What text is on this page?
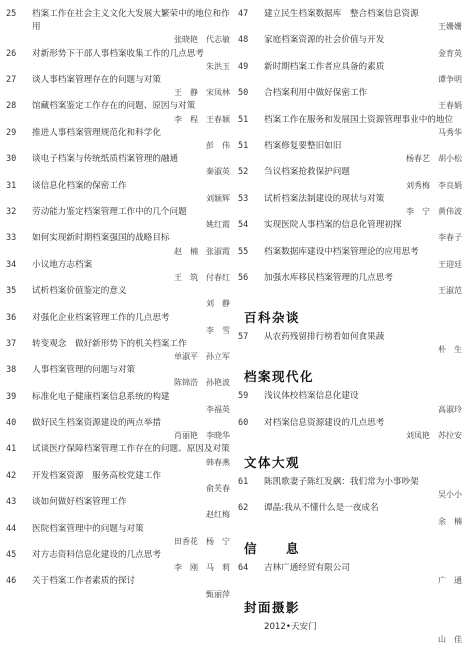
25	档案工作在社会主义文化大发展大繁荣中的地位和作用
张晓艳　代志敏
26	对新形势下干部人事档案收集工作的几点思考
朱洪玉
27	谈人事档案管理存在的问题与对策
王　静　宋凤林
28	馆藏档案鉴定工作存在的问题、原因与对策
李　程　王春颖
29	推进人事档案管理规范化和科学化
彭　伟
30	谈电子档案与传统纸质档案管理的融通
秦淑英
31	谈信息化档案的保密工作
刘颖辉
32	劳动能力鉴定档案管理工作中的几个问题
姚红霞
33	如何实现新时期档案强国的战略目标
赵　楠　张淑霞
34	小议地方志档案
王　筑　付春红
35	试析档案价值鉴定的意义
刘　静
36	对强化企业档案管理工作的几点思考
李　雪
37	转变观念　做好新形势下的机关档案工作
单淑平　孙立军
38	人事档案管理的问题与对策
陈锦浩　孙艳波
39	标准化电子健康档案信息系统的构建
李福英
40	做好民生档案资源建设的两点举措
肖丽艳　李晓华
41	试谈医疗保障档案管理工作存在的问题、原因及对策
韩春燕
42	开发档案资源　服务高校党建工作
俞芙春
43	谈如何做好档案管理工作
赵红梅
44	医院档案管理中的问题与对策
田香花　杨　宁
45	对方志资料信息化建设的几点思考
李　刚　马　莉
46	关于档案工作者素质的探讨
甄丽萍
47	建立民生档案数据库　整合档案信息资源
王姗姗
48	家庭档案资源的社会价值与开发
金育英
49	新时期档案工作者应具备的素质
谭争明
50	合档案利用中做好保密工作
王春娟
51	档案工作在服务和发展国土资源管理事业中的地位
马秀华
51	档案修复要整旧如旧
杨春艺　胡小松
52	刍议档案抢救保护问题
刘秀梅　李良娟
53	试析档案法制建设的现状与对策
李　宁　黄伟波
54	实现医院人事档案的信息化管理初探
李春子
55	档案数据库建设中档案管理论的应用思考
王迎廷
56	加强水库移民档案管理的几点思考
王淑范
百科杂谈
57	从农药残留排行榜看如何食果蔬
朴　生
档案现代化
59	浅议体校档案信息化建设
高淑玲
60	对档案信息资源建设的几点思考
刘凤艳　苏拉安
文体大观
61	陈凯歌妻子陈红发飙：我们常为小事吵架
吴小小
62	谭晶:我从不懂什么是一夜成名
余　楠
信　　息
64	吉林广通经贸有限公司
广　通
封面摄影
2012•天安门
山　佳
